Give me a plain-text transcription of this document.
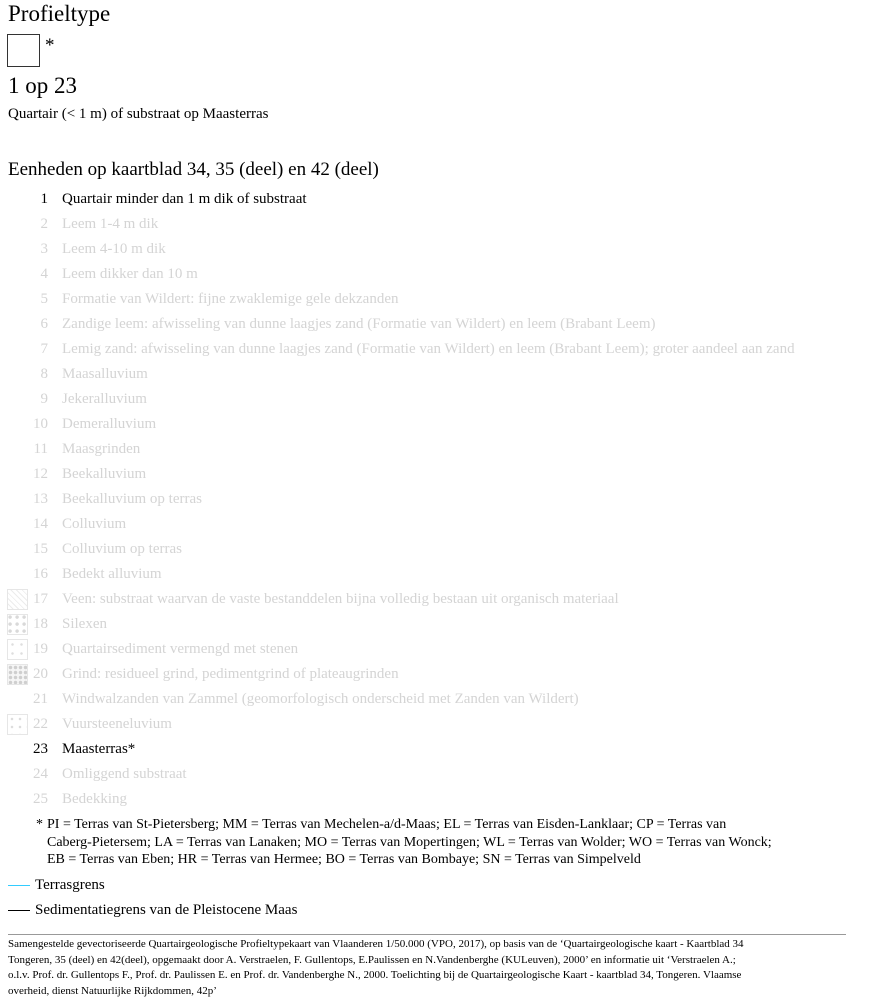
Profieltype
*
1 op 23
Quartair (< 1 m) of substraat op Maasterras
Eenheden op kaartblad 34, 35 (deel) en 42 (deel)
1 Quartair minder dan 1 m dik of substraat
2 Leem 1-4 m dik
3 Leem 4-10 m dik
4 Leem dikker dan 10 m
5 Formatie van Wildert: fijne zwaklemige gele dekzanden
6 Zandige leem: afwisseling van dunne laagjes zand (Formatie van Wildert) en leem (Brabant Leem)
7 Lemig zand: afwisseling van dunne laagjes zand (Formatie van Wildert) en leem (Brabant Leem); groter aandeel aan zand
8 Maasalluvium
9 Jekeralluvium
10 Demeralluvium
11 Maasgrinden
12 Beekalluvium
13 Beekalluvium op terras
14 Colluvium
15 Colluvium op terras
16 Bedekt alluvium
17 Veen: substraat waarvan de vaste bestanddelen bijna volledig bestaan uit organisch materiaal
18 Silexen
19 Quartairsediment vermengd met stenen
20 Grind: residueel grind, pedimentgrind of plateaugrinden
21 Windwalzanden van Zammel (geomorfologisch onderscheid met Zanden van Wildert)
22 Vuursteeneluvium
23 Maasterras*
24 Omliggend substraat
25 Bedekking
* PI = Terras van St-Pietersberg; MM = Terras van Mechelen-a/d-Maas; EL = Terras van Eisden-Lanklaar; CP = Terras van
Caberg-Pietersem; LA = Terras van Lanaken; MO = Terras van Mopertingen; WL = Terras van Wolder; WO = Terras van Wonck;
EB = Terras van Eben; HR = Terras van Hermee; BO = Terras van Bombaye; SN = Terras van Simpelveld
Terrasgrens
Sedimentatiegrens van de Pleistocene Maas
Samengestelde gevectoriseerde Quartairgeologische Profieltypekaart van Vlaanderen 1/50.000 (VPO, 2017), op basis van de ‘Quartairgeologische kaart - Kaartblad 34
Tongeren, 35 (deel) en 42(deel), opgemaakt door A. Verstraelen, F. Gullentops, E.Paulissen en N.Vandenberghe (KULeuven), 2000’ en informatie uit ‘Verstraelen A.;
o.l.v. Prof. dr. Gullentops F., Prof. dr. Paulissen E. en Prof. dr. Vandenberghe N., 2000. Toelichting bij de Quartairgeologische Kaart - kaartblad 34, Tongeren. Vlaamse
overheid, dienst Natuurlijke Rijkdommen, 42p’
